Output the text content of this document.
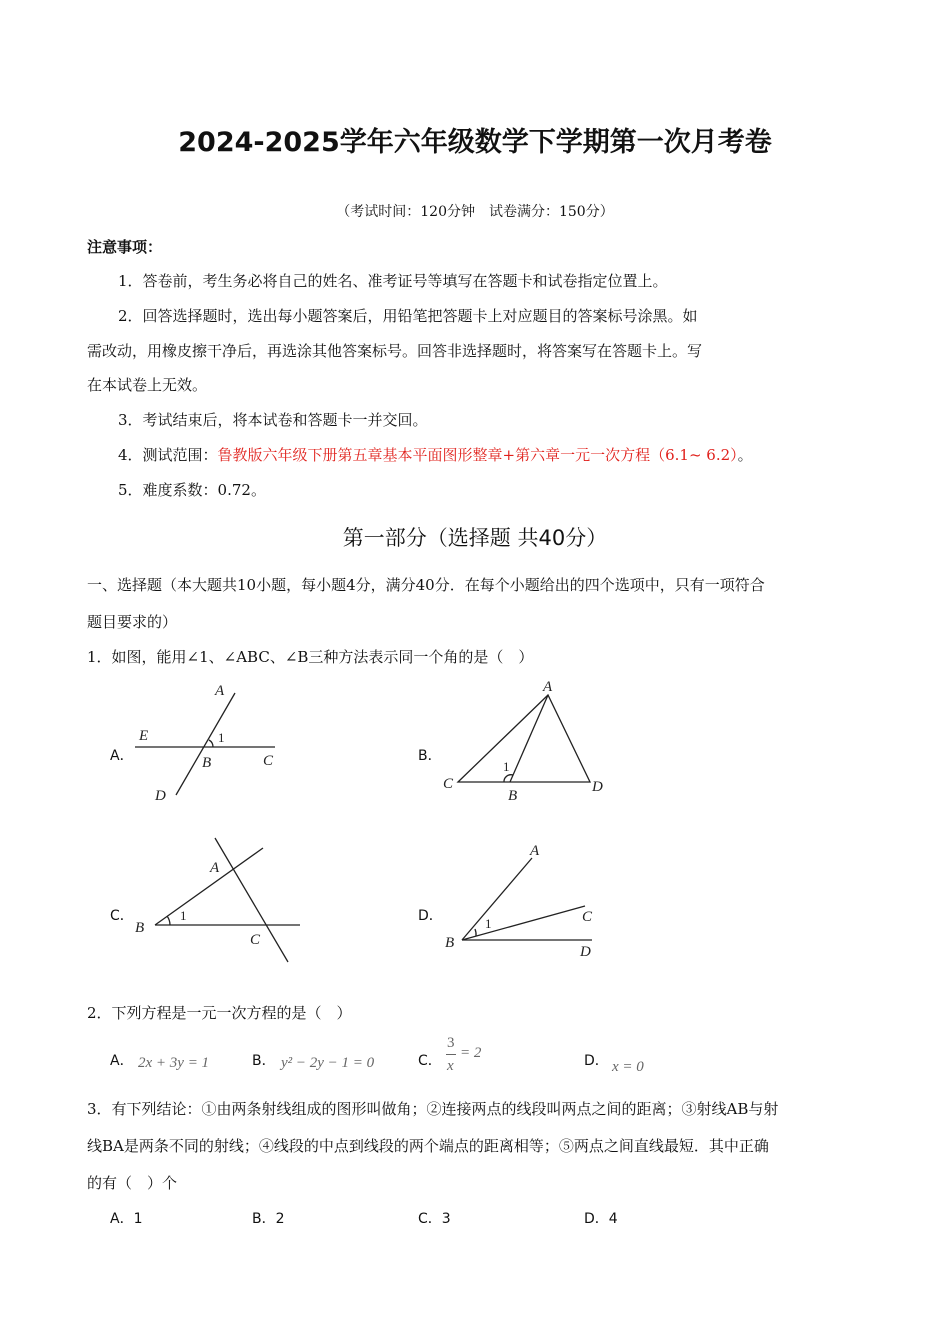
2024-2025学年六年级数学下学期第一次月考卷
（考试时间：120分钟　试卷满分：150分）
注意事项：
1．答卷前，考生务必将自己的姓名、准考证号等填写在答题卡和试卷指定位置上。
2．回答选择题时，选出每小题答案后，用铅笔把答题卡上对应题目的答案标号涂黑。如
需改动，用橡皮擦干净后，再选涂其他答案标号。回答非选择题时，将答案写在答题卡上。写
在本试卷上无效。
3．考试结束后，将本试卷和答题卡一并交回。
4．测试范围：鲁教版六年级下册第五章基本平面图形整章+第六章一元一次方程（6.1~ 6.2）。
5．难度系数：0.72。
第一部分（选择题 共40分）
一、选择题（本大题共10小题，每小题4分，满分40分．在每个小题给出的四个选项中，只有一项符合
题目要求的）
1．如图，能用∠1、∠ABC、∠B三种方法表示同一个角的是（　）
A．	B．
C．	D．
A
E	1
B	C
D
A
C
1
B
D
A
B
1
C
A
C
1
B
D
2．下列方程是一元一次方程的是（　）
A． 2x + 3y = 1	B． y² − 2y − 1 = 0	C．
3
x
= 2	D． x = 0
3．有下列结论：①由两条射线组成的图形叫做角；②连接两点的线段叫两点之间的距离；③射线AB与射
线BA是两条不同的射线；④线段的中点到线段的两个端点的距离相等；⑤两点之间直线最短．其中正确
的有（　）个
A．1	B．2	C．3	D．4
